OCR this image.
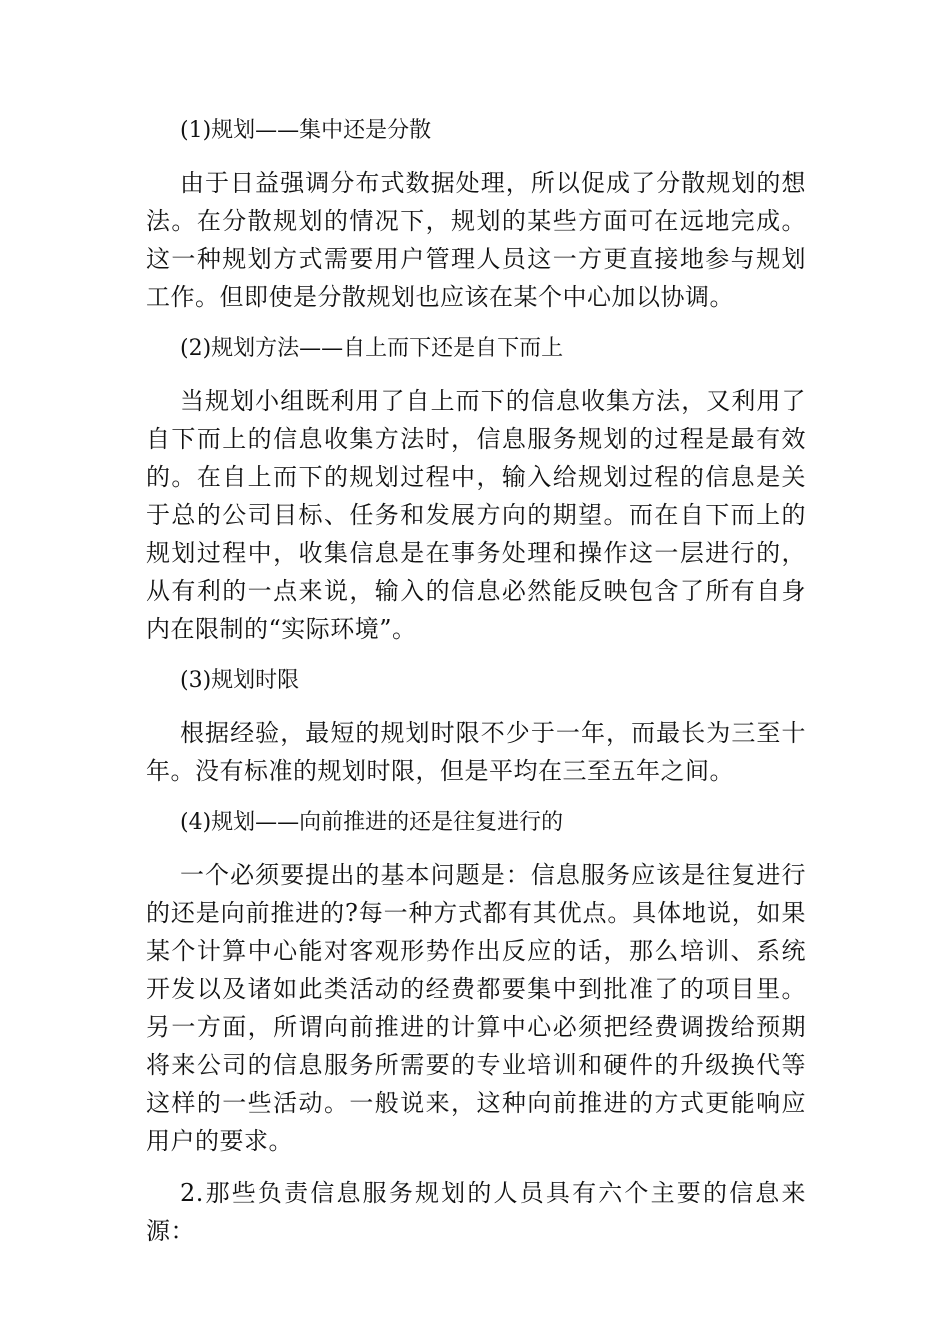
(1)规划——集中还是分散

由于日益强调分布式数据处理，所以促成了分散规划的想法。在分散规划的情况下，规划的某些方面可在远地完成。这一种规划方式需要用户管理人员这一方更直接地参与规划工作。但即使是分散规划也应该在某个中心加以协调。

(2)规划方法——自上而下还是自下而上

当规划小组既利用了自上而下的信息收集方法，又利用了自下而上的信息收集方法时，信息服务规划的过程是最有效的。在自上而下的规划过程中，输入给规划过程的信息是关于总的公司目标、任务和发展方向的期望。而在自下而上的规划过程中，收集信息是在事务处理和操作这一层进行的，从有利的一点来说，输入的信息必然能反映包含了所有自身内在限制的“实际环境”。

(3)规划时限

根据经验，最短的规划时限不少于一年，而最长为三至十年。没有标准的规划时限，但是平均在三至五年之间。

(4)规划——向前推进的还是往复进行的

一个必须要提出的基本问题是：信息服务应该是往复进行的还是向前推进的?每一种方式都有其优点。具体地说，如果某个计算中心能对客观形势作出反应的话，那么培训、系统开发以及诸如此类活动的经费都要集中到批准了的项目里。另一方面，所谓向前推进的计算中心必须把经费调拨给预期将来公司的信息服务所需要的专业培训和硬件的升级换代等这样的一些活动。一般说来，这种向前推进的方式更能响应用户的要求。

2.那些负责信息服务规划的人员具有六个主要的信息来源：
